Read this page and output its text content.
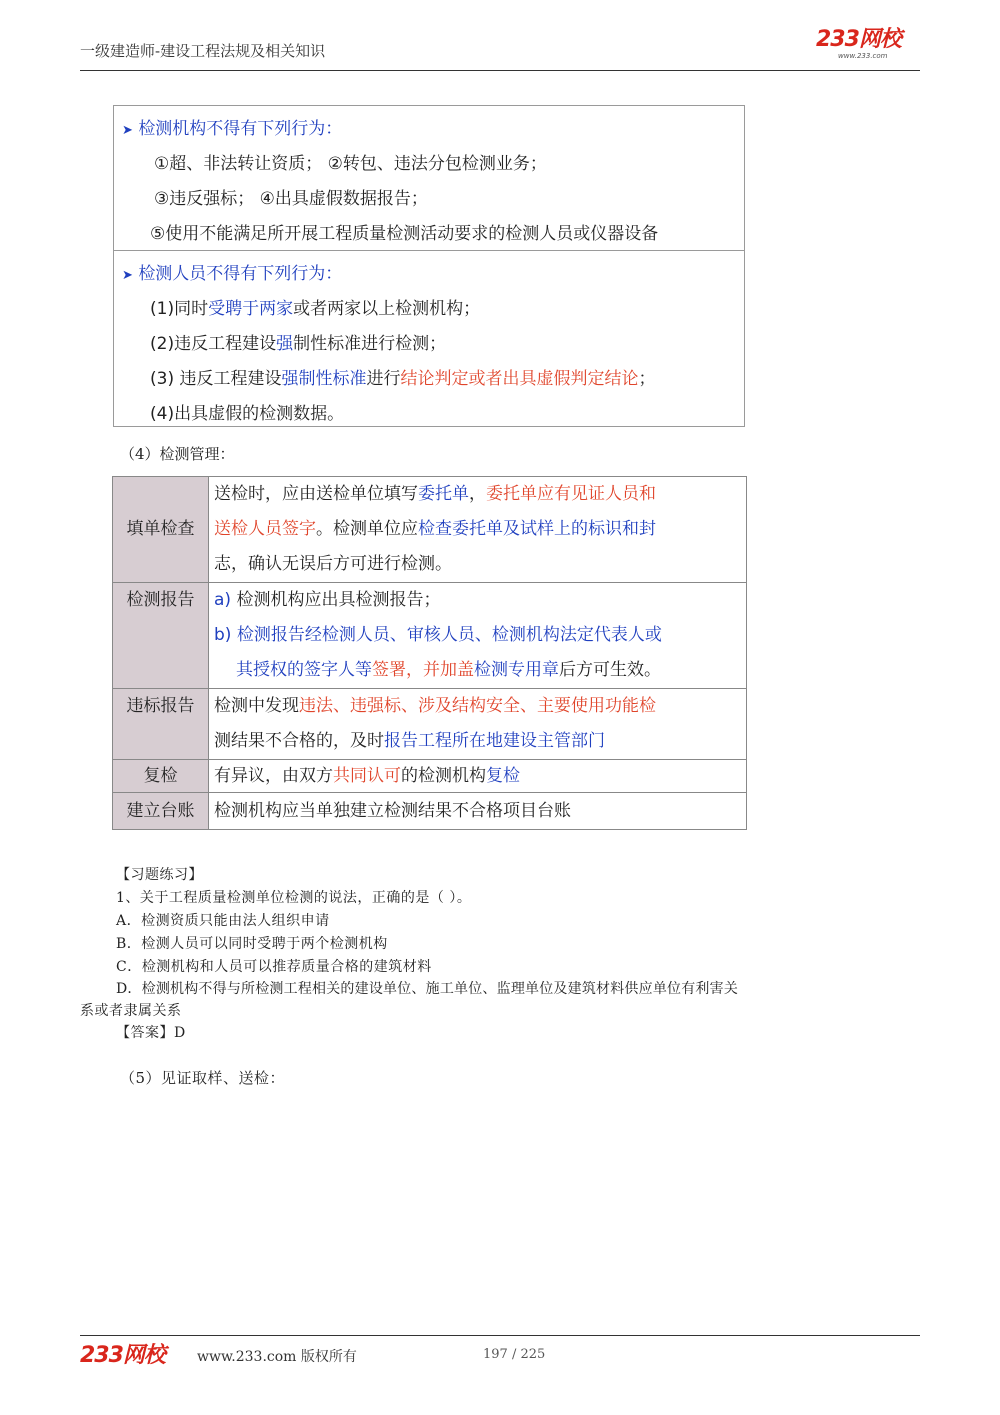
一级建造师-建设工程法规及相关知识	233网校
www.233.com
➤ 检测机构不得有下列行为：
①超、非法转让资质； ②转包、违法分包检测业务；
③违反强标； ④出具虚假数据报告；
⑤使用不能满足所开展工程质量检测活动要求的检测人员或仪器设备
➤ 检测人员不得有下列行为：
(1)同时受聘于两家或者两家以上检测机构；
(2)违反工程建设强制性标准进行检测；
(3) 违反工程建设强制性标准进行结论判定或者出具虚假判定结论；
(4)出具虚假的检测数据。
（4）检测管理：
填单检查	送检时，应由送检单位填写委托单，委托单应有见证人员和
送检人员签字。检测单位应检查委托单及试样上的标识和封
志，确认无误后方可进行检测。
检测报告	a) 检测机构应出具检测报告；
b) 检测报告经检测人员、审核人员、检测机构法定代表人或
其授权的签字人等签署，并加盖检测专用章后方可生效。

违标报告	检测中发现违法、违强标、涉及结构安全、主要使用功能检
测结果不合格的，及时报告工程所在地建设主管部门
复检	有异议，由双方共同认可的检测机构复检
建立台账	检测机构应当单独建立检测结果不合格项目台账
【习题练习】
1、关于工程质量检测单位检测的说法，正确的是（ ）。
A．检测资质只能由法人组织申请
B．检测人员可以同时受聘于两个检测机构
C．检测机构和人员可以推荐质量合格的建筑材料
D．检测机构不得与所检测工程相关的建设单位、施工单位、监理单位及建筑材料供应单位有利害关
系或者隶属关系
【答案】D
（5）见证取样、送检：
233网校 www.233.com 版权所有	197 / 225
